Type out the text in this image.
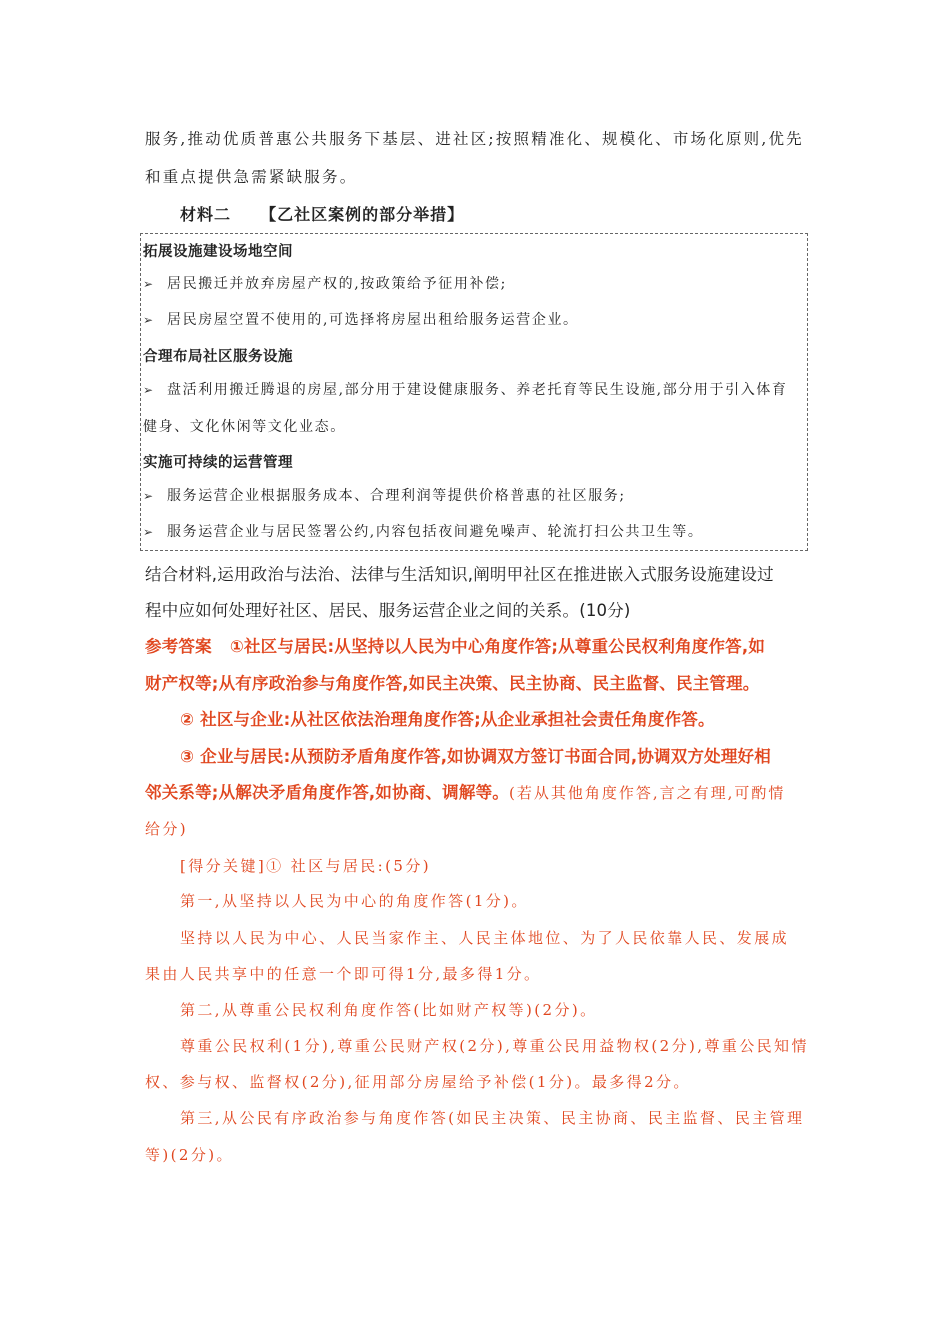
服务,推动优质普惠公共服务下基层、进社区;按照精准化、规模化、市场化原则,优先
和重点提供急需紧缺服务。
材料二 【乙社区案例的部分举措】
拓展设施建设场地空间
➢ 居民搬迁并放弃房屋产权的,按政策给予征用补偿;
➢ 居民房屋空置不使用的,可选择将房屋出租给服务运营企业。
合理布局社区服务设施
➢ 盘活利用搬迁腾退的房屋,部分用于建设健康服务、养老托育等民生设施,部分用于引入体育
健身、文化休闲等文化业态。
实施可持续的运营管理
➢ 服务运营企业根据服务成本、合理利润等提供价格普惠的社区服务;
➢ 服务运营企业与居民签署公约,内容包括夜间避免噪声、轮流打扫公共卫生等。
结合材料,运用政治与法治、法律与生活知识,阐明甲社区在推进嵌入式服务设施建设过
程中应如何处理好社区、居民、服务运营企业之间的关系。(10分)
参考答案 ①社区与居民:从坚持以人民为中心角度作答;从尊重公民权利角度作答,如
财产权等;从有序政治参与角度作答,如民主决策、民主协商、民主监督、民主管理。
② 社区与企业:从社区依法治理角度作答;从企业承担社会责任角度作答。
③ 企业与居民:从预防矛盾角度作答,如协调双方签订书面合同,协调双方处理好相
邻关系等;从解决矛盾角度作答,如协商、调解等。(若从其他角度作答,言之有理,可酌情
给分)
[得分关键]① 社区与居民:(5分)
第一,从坚持以人民为中心的角度作答(1分)。
坚持以人民为中心、人民当家作主、人民主体地位、为了人民依靠人民、发展成
果由人民共享中的任意一个即可得1分,最多得1分。
第二,从尊重公民权利角度作答(比如财产权等)(2分)。
尊重公民权利(1分),尊重公民财产权(2分),尊重公民用益物权(2分),尊重公民知情
权、参与权、监督权(2分),征用部分房屋给予补偿(1分)。最多得2分。
第三,从公民有序政治参与角度作答(如民主决策、民主协商、民主监督、民主管理
等)(2分)。
